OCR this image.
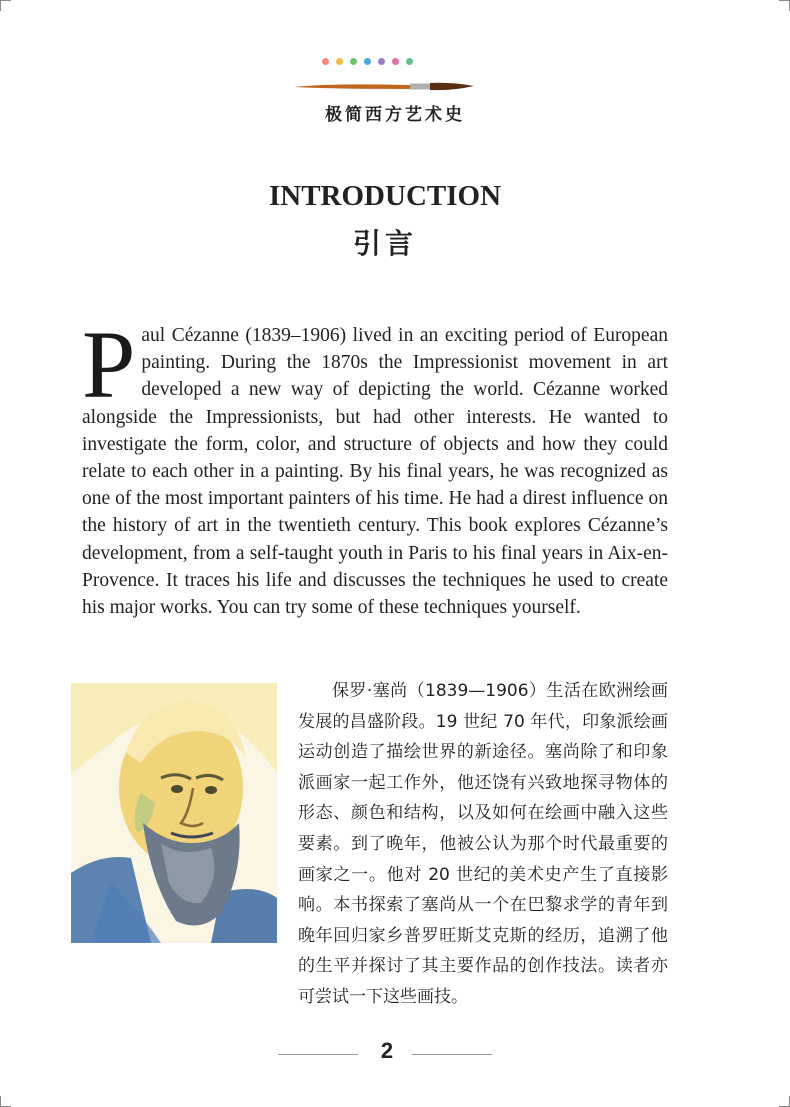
极简西方艺术史
INTRODUCTION
引言

Paul Cézanne (1839–1906) lived in an exciting period of European painting. During the 1870s the Impressionist movement in art developed a new way of depicting the world. Cézanne worked alongside the Impressionists, but had other interests. He wanted to investigate the form, color, and structure of objects and how they could relate to each other in a painting. By his final years, he was recognized as one of the most important painters of his time. He had a direst influence on the history of art in the twentieth century. This book explores Cézanne’s development, from a self-taught youth in Paris to his final years in Aix-en-Provence. It traces his life and discusses the techniques he used to create his major works. You can try some of these techniques yourself.

保罗·塞尚（1839—1906）生活在欧洲绘画发展的昌盛阶段。19 世纪 70 年代，印象派绘画运动创造了描绘世界的新途径。塞尚除了和印象派画家一起工作外，他还饶有兴致地探寻物体的形态、颜色和结构，以及如何在绘画中融入这些要素。到了晚年，他被公认为那个时代最重要的画家之一。他对 20 世纪的美术史产生了直接影响。本书探索了塞尚从一个在巴黎求学的青年到晚年回归家乡普罗旺斯艾克斯的经历，追溯了他的生平并探讨了其主要作品的创作技法。读者亦可尝试一下这些画技。

2
